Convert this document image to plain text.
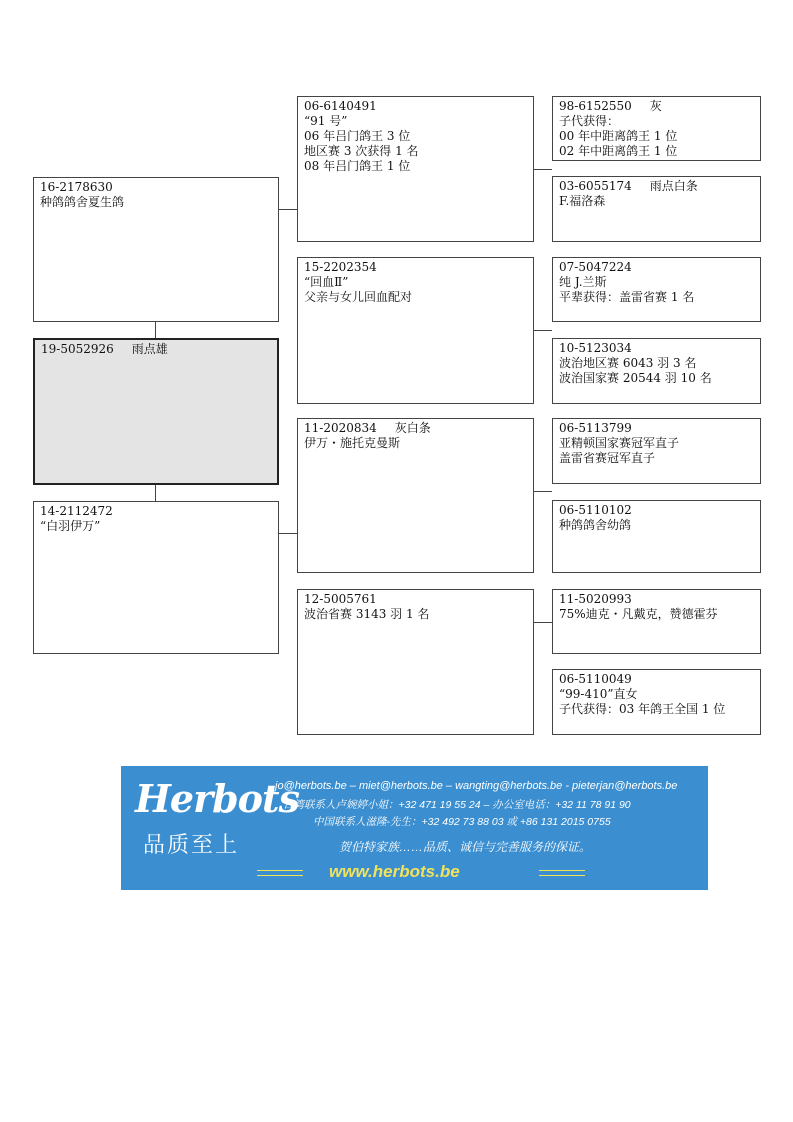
16-2178630
种鸽鸽舍夏生鸽
19-5052926 雨点雄
14-2112472
“白羽伊万”
06-6140491
“91 号”
06 年吕门鸽王 3 位
地区赛 3 次获得 1 名
08 年吕门鸽王 1 位
15-2202354
“回血Ⅱ”
父亲与女儿回血配对
11-2020834 灰白条
伊万・施托克曼斯
12-5005761
波治省赛 3143 羽 1 名
98-6152550 灰
子代获得：
00 年中距离鸽王 1 位
02 年中距离鸽王 1 位
03-6055174 雨点白条
F.福洛森
07-5047224
纯 J.兰斯
平辈获得：盖雷省赛 1 名
10-5123034
波治地区赛 6043 羽 3 名
波治国家赛 20544 羽 10 名
06-5113799
亚精顿国家赛冠军直子
盖雷省赛冠军直子
06-5110102
种鸽鸽舍幼鸽
11-5020993
75%迪克・凡戴克，赞德霍芬
06-5110049
“99-410”直女
子代获得：03 年鸽王全国 1 位
Herbots
品质至上
jo@herbots.be – miet@herbots.be – wangting@herbots.be - pieterjan@herbots.be
台湾联系人卢婉婷小姐：+32 471 19 55 24 – 办公室电话：+32 11 78 91 90
中国联系人滋隆-先生：+32 492 73 88 03 或 +86 131 2015 0755
贺伯特家族……品质、诚信与完善服务的保证。
www.herbots.be
